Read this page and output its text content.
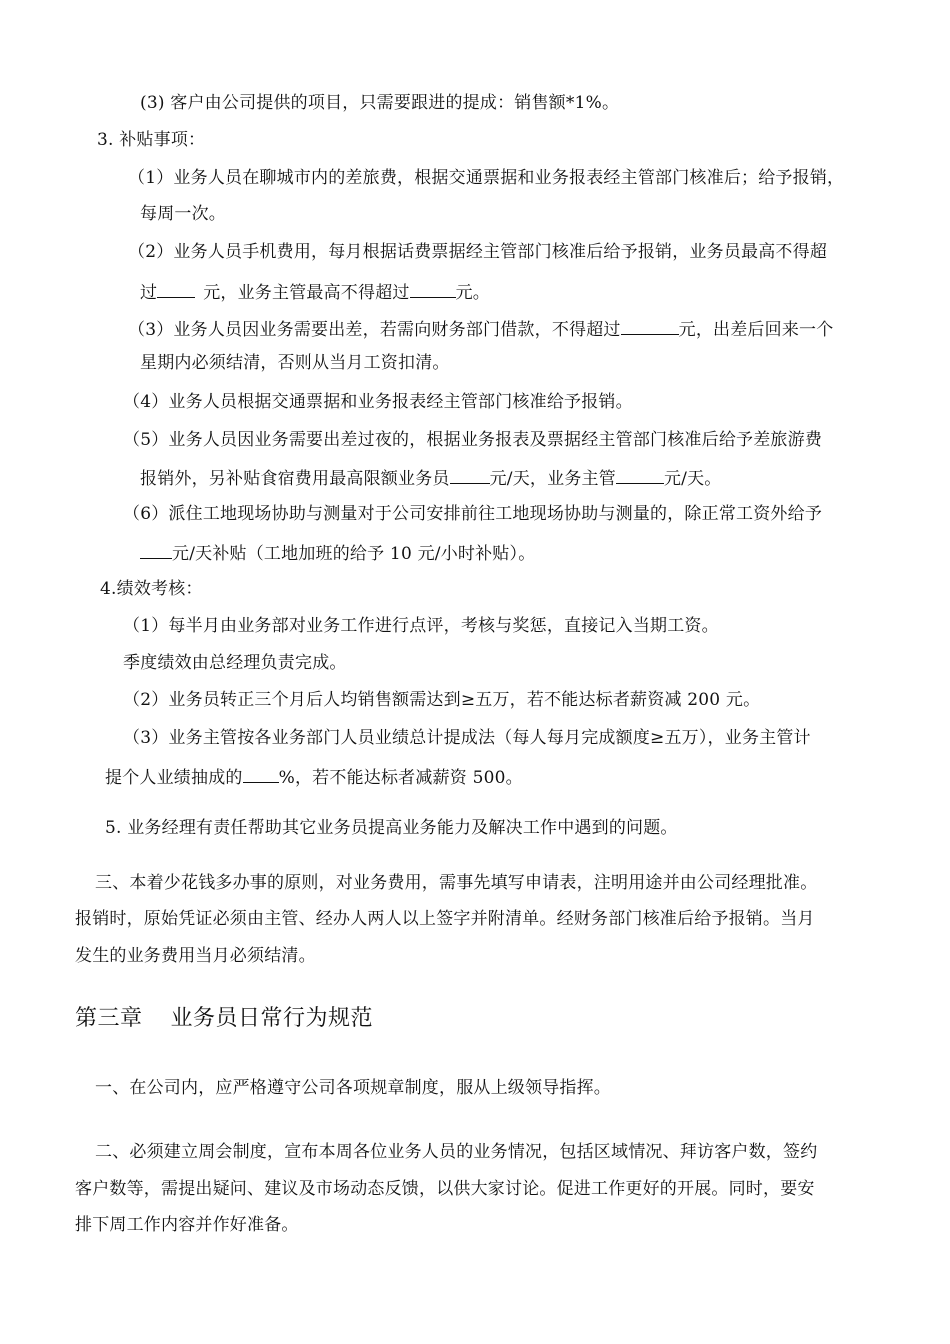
(3) 客户由公司提供的项目，只需要跟进的提成：销售额*1%。
3. 补贴事项：
（1）业务人员在聊城市内的差旅费，根据交通票据和业务报表经主管部门核准后；给予报销，
每周一次。
（2）业务人员手机费用，每月根据话费票据经主管部门核准后给予报销，业务员最高不得超
过	元，业务主管最高不得超过	元。
（3）业务人员因业务需要出差，若需向财务部门借款，不得超过	元，出差后回来一个
星期内必须结清，否则从当月工资扣清。
（4）业务人员根据交通票据和业务报表经主管部门核准给予报销。
（5）业务人员因业务需要出差过夜的，根据业务报表及票据经主管部门核准后给予差旅游费
报销外，另补贴食宿费用最高限额业务员 元/天，业务主管	元/天。
（6）派住工地现场协助与测量对于公司安排前往工地现场协助与测量的，除正常工资外给予
元/天补贴（工地加班的给予 10 元/小时补贴）。
4.绩效考核：
（1）每半月由业务部对业务工作进行点评，考核与奖惩，直接记入当期工资。
季度绩效由总经理负责完成。
（2）业务员转正三个月后人均销售额需达到≥五万，若不能达标者薪资减 200 元。
（3）业务主管按各业务部门人员业绩总计提成法（每人每月完成额度≥五万），业务主管计
提个人业绩抽成的 %，若不能达标者减薪资 500。
5. 业务经理有责任帮助其它业务员提高业务能力及解决工作中遇到的问题。
三、本着少花钱多办事的原则，对业务费用，需事先填写申请表，注明用途并由公司经理批准。
报销时，原始凭证必须由主管、经办人两人以上签字并附清单。经财务部门核准后给予报销。当月
发生的业务费用当月必须结清。
第三章 业务员日常行为规范
一、在公司内，应严格遵守公司各项规章制度，服从上级领导指挥。
二、必须建立周会制度，宣布本周各位业务人员的业务情况，包括区域情况、拜访客户数，签约
客户数等，需提出疑问、建议及市场动态反馈，以供大家讨论。促进工作更好的开展。同时，要安
排下周工作内容并作好准备。
